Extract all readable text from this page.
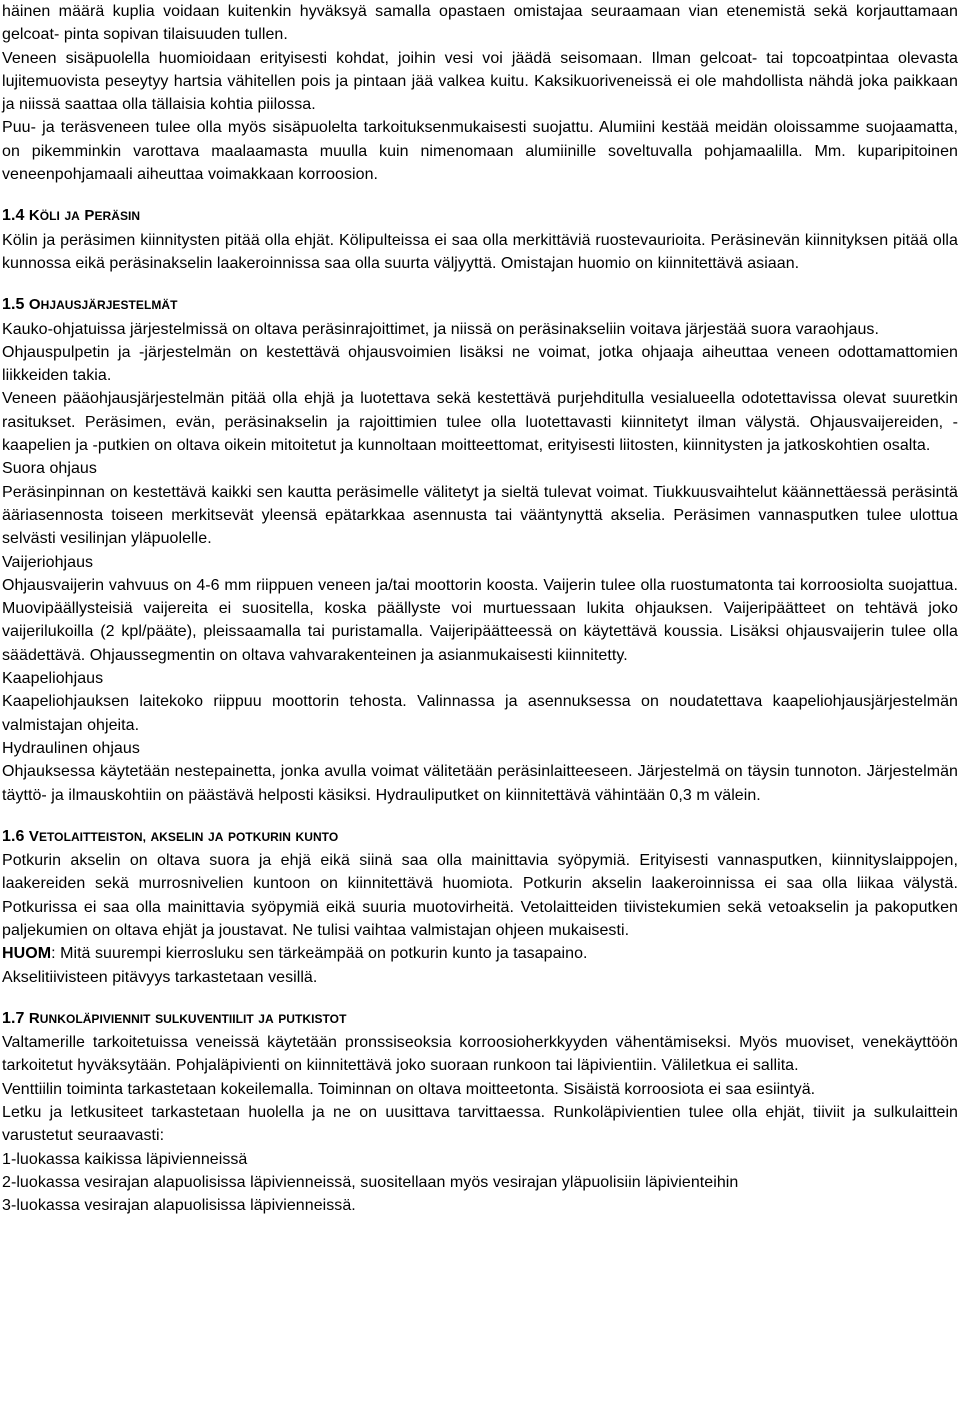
häinen määrä kuplia voidaan kuitenkin hyväksyä samalla opastaen omistajaa seuraamaan vian etenemistä sekä korjauttamaan gelcoat- pinta sopivan tilaisuuden tullen.

Veneen sisäpuolella huomioidaan erityisesti kohdat, joihin vesi voi jäädä seisomaan. Ilman gelcoat- tai topcoatpintaa olevasta lujitemuovista peseytyy hartsia vähitellen pois ja pintaan jää valkea kuitu. Kaksikuoriveneissä ei ole mahdollista nähdä joka paikkaan ja niissä saattaa olla tällaisia kohtia piilossa.

Puu- ja teräsveneen tulee olla myös sisäpuolelta tarkoituksenmukaisesti suojattu. Alumiini kestää meidän oloissamme suojaamatta, on pikemminkin varottava maalaamasta muulla kuin nimenomaan alumiinille soveltuvalla pohjamaalilla. Mm. kuparipitoinen veneenpohjamaali aiheuttaa voimakkaan korroosion.

1.4 KÖLI JA PERÄSIN

Kölin ja peräsimen kiinnitysten pitää olla ehjät. Kölipulteissa ei saa olla merkittäviä ruostevaurioita. Peräsinevän kiinnityksen pitää olla kunnossa eikä peräsinakselin laakeroinnissa saa olla suurta väljyyttä. Omistajan huomio on kiinnitettävä asiaan.

1.5 OHJAUSJÄRJESTELMÄT

Kauko-ohjatuissa järjestelmissä on oltava peräsinrajoittimet, ja niissä on peräsinakseliin voitava järjestää suora varaohjaus.

Ohjauspulpetin ja -järjestelmän on kestettävä ohjausvoimien lisäksi ne voimat, jotka ohjaaja aiheuttaa veneen odottamattomien liikkeiden takia.

Veneen pääohjausjärjestelmän pitää olla ehjä ja luotettava sekä kestettävä purjehditulla vesialueella odotettavissa olevat suuretkin rasitukset. Peräsimen, evän, peräsinakselin ja rajoittimien tulee olla luotettavasti kiinnitetyt ilman välystä. Ohjausvaijereiden, -kaapelien ja -putkien on oltava oikein mitoitetut ja kunnoltaan moitteettomat, erityisesti liitosten, kiinnitysten ja jatkoskohtien osalta.

Suora ohjaus

Peräsinpinnan on kestettävä kaikki sen kautta peräsimelle välitetyt ja sieltä tulevat voimat. Tiukkuusvaihtelut käännettäessä peräsintä ääriasennosta toiseen merkitsevät yleensä epätarkkaa asennusta tai vääntynyttä akselia. Peräsimen vannasputken tulee ulottua selvästi vesilinjan yläpuolelle.

Vaijeriohjaus

Ohjausvaijerin vahvuus on 4-6 mm riippuen veneen ja/tai moottorin koosta. Vaijerin tulee olla ruostumatonta tai korroosiolta suojattua. Muovipäällysteisiä vaijereita ei suositella, koska päällyste voi murtuessaan lukita ohjauksen. Vaijeripäätteet on tehtävä joko vaijerilukoilla (2 kpl/pääte), pleissaamalla tai puristamalla. Vaijeripäätteessä on käytettävä koussia. Lisäksi ohjausvaijerin tulee olla säädettävä. Ohjaussegmentin on oltava vahvarakenteinen ja asianmukaisesti kiinnitetty.

Kaapeliohjaus

Kaapeliohjauksen laitekoko riippuu moottorin tehosta. Valinnassa ja asennuksessa on noudatettava kaapeliohjausjärjestelmän valmistajan ohjeita.

Hydraulinen ohjaus

Ohjauksessa käytetään nestepainetta, jonka avulla voimat välitetään peräsinlaitteeseen. Järjestelmä on täysin tunnoton. Järjestelmän täyttö- ja ilmauskohtiin on päästävä helposti käsiksi. Hydrauliputket on kiinnitettävä vähintään 0,3 m välein.

1.6 VETOLAITTEISTON, AKSELIN JA POTKURIN KUNTO

Potkurin akselin on oltava suora ja ehjä eikä siinä saa olla mainittavia syöpymiä. Erityisesti vannasputken, kiinnityslaippojen, laakereiden sekä murrosnivelien kuntoon on kiinnitettävä huomiota. Potkurin akselin laakeroinnissa ei saa olla liikaa välystä. Potkurissa ei saa olla mainittavia syöpymiä eikä suuria muotovirheitä. Vetolaitteiden tiivistekumien sekä vetoakselin ja pakoputken paljekumien on oltava ehjät ja joustavat. Ne tulisi vaihtaa valmistajan ohjeen mukaisesti.

HUOM: Mitä suurempi kierrosluku sen tärkeämpää on potkurin kunto ja tasapaino.

Akselitiivisteen pitävyys tarkastetaan vesillä.

1.7 RUNKOLÄPIVIENNIT SULKUVENTIILIT JA PUTKISTOT

Valtamerille tarkoitetuissa veneissä käytetään pronssiseoksia korroosioherkkyyden vähentämiseksi. Myös muoviset, venekäyttöön tarkoitetut hyväksytään. Pohjaläpivienti on kiinnitettävä joko suoraan runkoon tai läpivientiin. Väliletkua ei sallita.

Venttiilin toiminta tarkastetaan kokeilemalla. Toiminnan on oltava moitteetonta. Sisäistä korroosiota ei saa esiintyä.

Letku ja letkusiteet tarkastetaan huolella ja ne on uusittava tarvittaessa. Runkoläpivientien tulee olla ehjät, tiiviit ja sulkulaittein varustetut seuraavasti:

1-luokassa kaikissa läpivienneissä

2-luokassa vesirajan alapuolisissa läpivienneissä, suositellaan myös vesirajan yläpuolisiin läpivienteihin

3-luokassa vesirajan alapuolisissa läpivienneissä.
